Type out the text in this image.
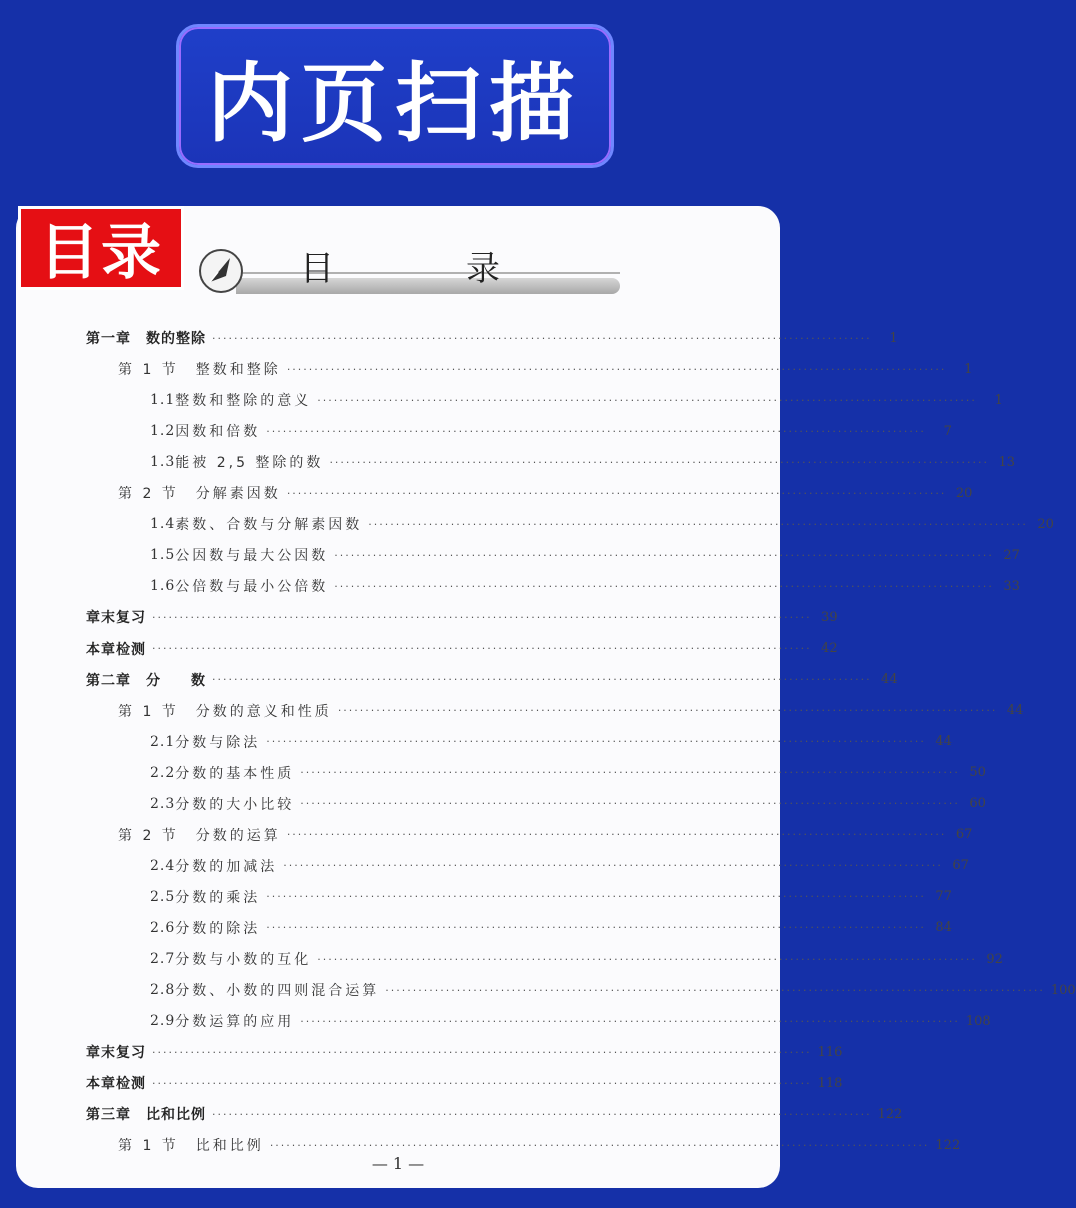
内页扫描
目录	目	录
第一章　数的整除 ························································································································	1
第 1 节　整数和整除 ························································································································	1
1.1 整数和整除的意义 ························································································································	1
1.2 因数和倍数 ························································································································	7
1.3 能被 2,5 整除的数 ························································································································ 13
第 2 节　分解素因数 ························································································································ 20
1.4 素数、合数与分解素因数 ························································································································ 20
1.5 公因数与最大公因数 ························································································································ 27
1.6 公倍数与最小公倍数 ························································································································ 33
章末复习 ························································································································ 39
本章检测 ························································································································ 42
第二章　分　　数 ························································································································ 44
第 1 节　分数的意义和性质 ························································································································ 44
2.1 分数与除法 ························································································································ 44
2.2 分数的基本性质 ························································································································ 50
2.3 分数的大小比较 ························································································································ 60
第 2 节　分数的运算 ························································································································ 67
2.4 分数的加减法 ························································································································ 67
2.5 分数的乘法 ························································································································ 77
2.6 分数的除法 ························································································································ 84
2.7 分数与小数的互化 ························································································································ 92
2.8 分数、小数的四则混合运算 ························································································································ 100
2.9 分数运算的应用 ························································································································ 108
章末复习 ························································································································ 116
本章检测 ························································································································ 118
第三章　比和比例 ························································································································ 122
第 1 节　比和比例 ························································································································ 122
— 1 —
